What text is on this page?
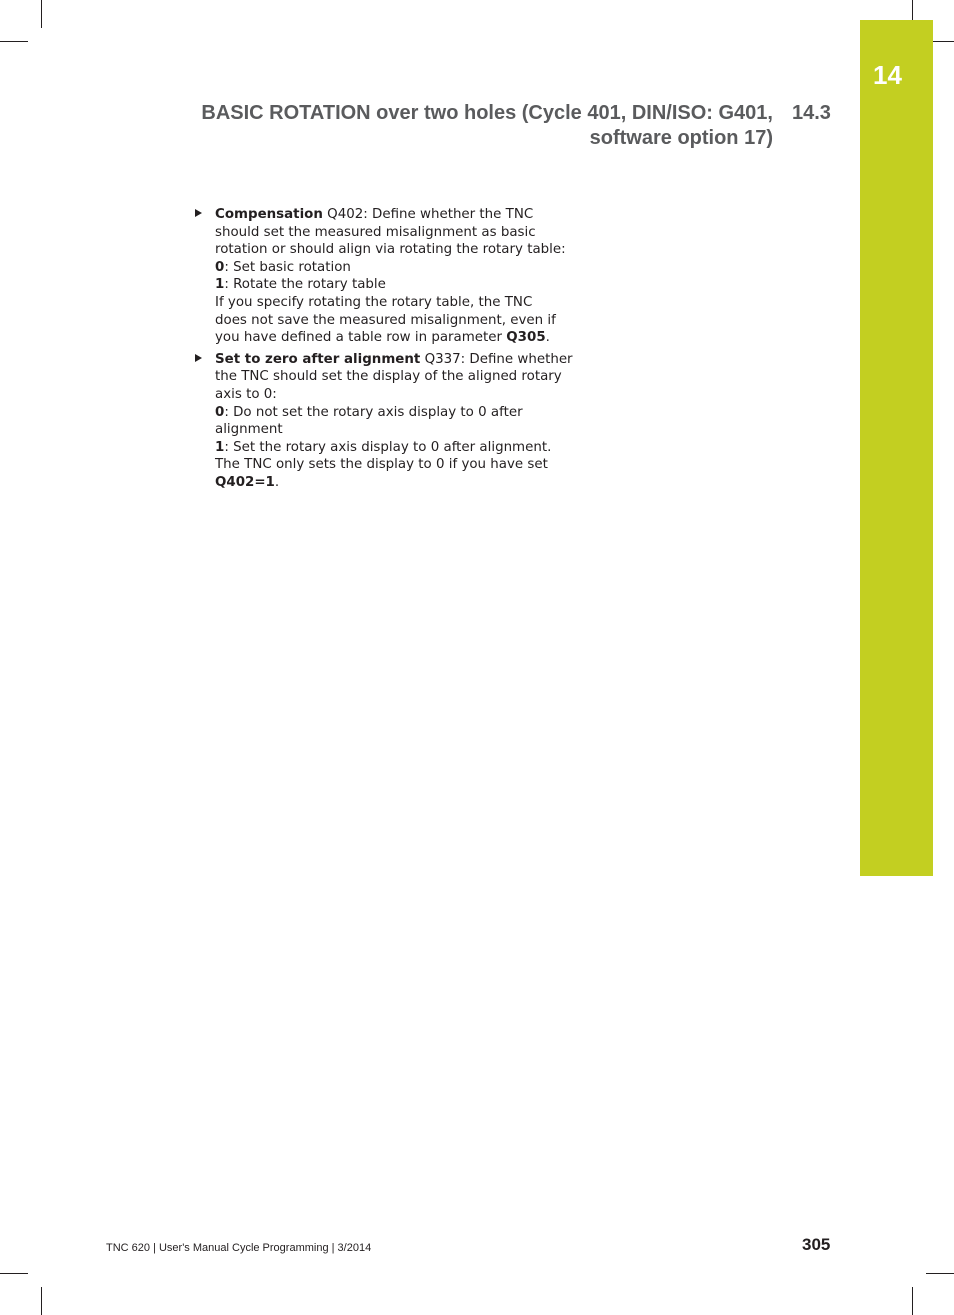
14
BASIC ROTATION over two holes (Cycle 401, DIN/ISO: G401,
software option 17)
14.3
Compensation Q402: Define whether the TNC
should set the measured misalignment as basic
rotation or should align via rotating the rotary table:
0: Set basic rotation
1: Rotate the rotary table
If you specify rotating the rotary table, the TNC
does not save the measured misalignment, even if
you have defined a table row in parameter Q305.
Set to zero after alignment Q337: Define whether
the TNC should set the display of the aligned rotary
axis to 0:
0: Do not set the rotary axis display to 0 after
alignment
1: Set the rotary axis display to 0 after alignment.
The TNC only sets the display to 0 if you have set
Q402=1.
TNC 620 | User's Manual Cycle Programming | 3/2014	305
